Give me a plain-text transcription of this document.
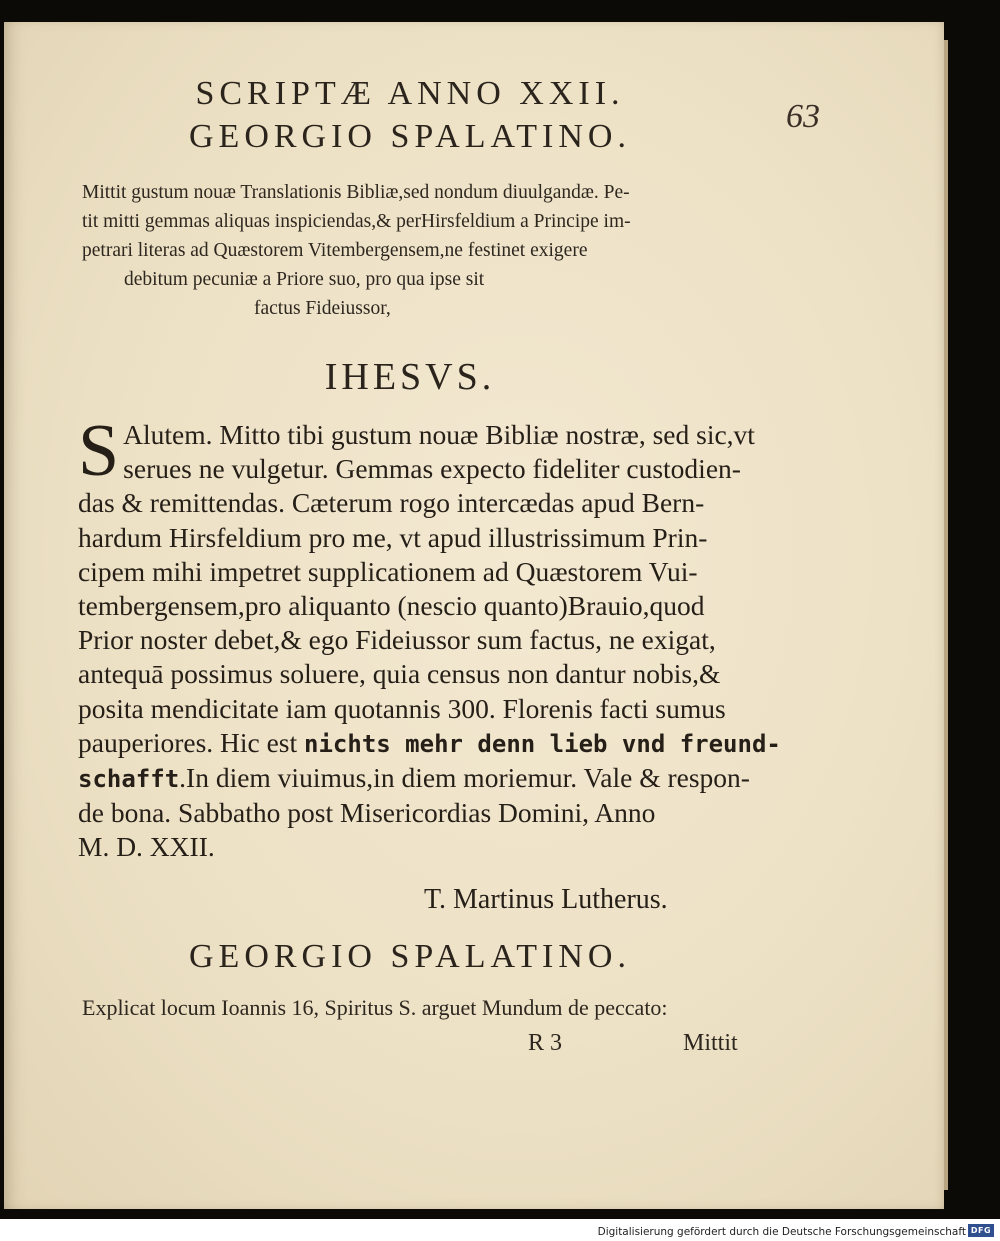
63
SCRIPTÆ ANNO XXII.
GEORGIO SPALATINO.
Mittit gustum nouæ Translationis Bibliæ,sed nondum diuulgandæ. Pe-
tit mitti gemmas aliquas inspiciendas,& perHirsfeldium a Principe im-
petrari literas ad Quæstorem Vitembergensem,ne festinet exigere
debitum pecuniæ a Priore suo, pro qua ipse sit
factus Fideiussor,
IHESVS.
S Alutem. Mitto tibi gustum nouæ Bibliæ nostræ, sed sic,vt
serues ne vulgetur. Gemmas expecto fideliter custodien-
das & remittendas. Cæterum rogo intercædas apud Bern-
hardum Hirsfeldium pro me, vt apud illustrissimum Prin-
cipem mihi impetret supplicationem ad Quæstorem Vui-
tembergensem,pro aliquanto (nescio quanto)Brauio,quod
Prior noster debet,& ego Fideiussor sum factus, ne exigat,
antequā possimus soluere, quia census non dantur nobis,&
posita mendicitate iam quotannis 300. Florenis facti sumus
pauperiores. Hic est nichts mehr denn lieb vnd freund-
schafft.In diem viuimus,in diem moriemur. Vale & respon-
de bona. Sabbatho post Misericordias Domini, Anno
M. D. XXII.
T. Martinus Lutherus.
GEORGIO SPALATINO.
Explicat locum Ioannis 16, Spiritus S. arguet Mundum de peccato:
R 3	Mittit
Digitalisierung gefördert durch die Deutsche Forschungsgemeinschaft DFG
